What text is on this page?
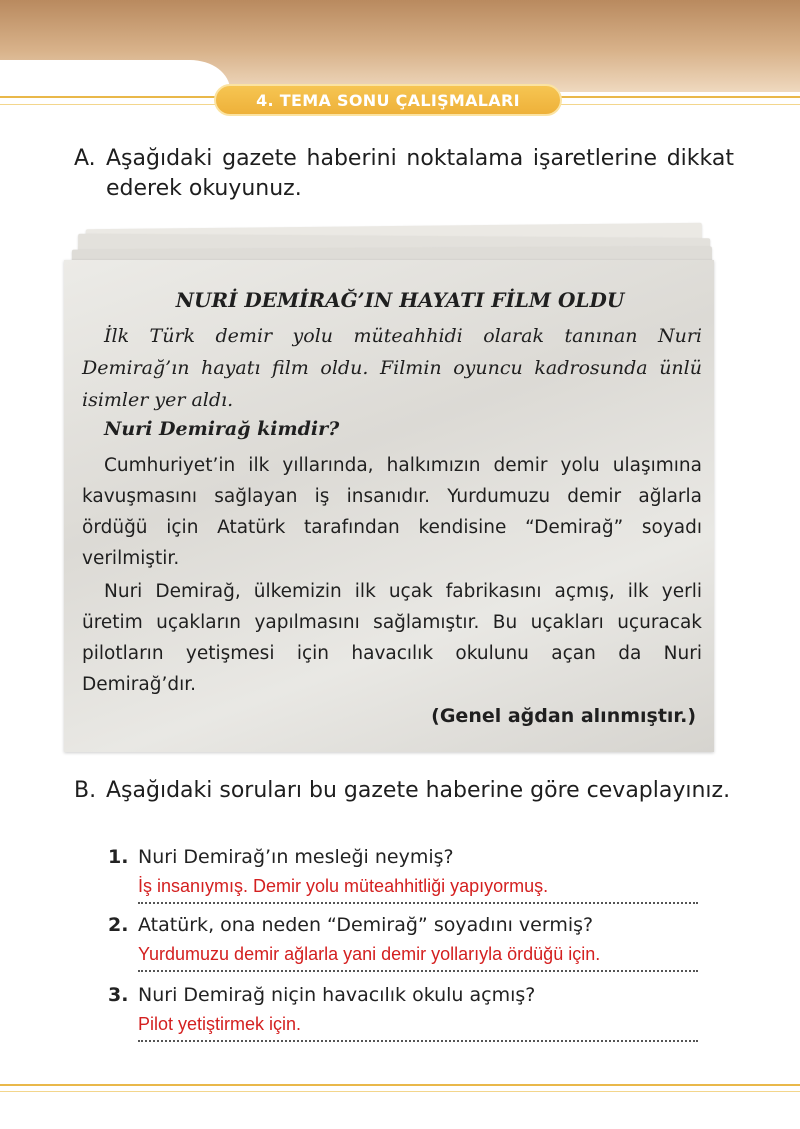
4. TEMA SONU ÇALIŞMALARI
A. Aşağıdaki gazete haberini noktalama işaretlerine dikkat ederek okuyunuz.
NURİ DEMİRAĞ’IN HAYATI FİLM OLDU

İlk Türk demir yolu müteahhidi olarak tanınan Nuri Demirağ’ın hayatı film oldu. Filmin oyuncu kadrosunda ünlü isimler yer aldı.

Nuri Demirağ kimdir?

Cumhuriyet’in ilk yıllarında, halkımızın demir yolu ulaşımına kavuşmasını sağlayan iş insanıdır. Yurdumuzu demir ağlarla ördüğü için Atatürk tarafından kendisine “Demirağ” soyadı verilmiştir.

Nuri Demirağ, ülkemizin ilk uçak fabrikasını açmış, ilk yerli üretim uçakların yapılmasını sağlamıştır. Bu uçakları uçuracak pilotların yetişmesi için havacılık okulunu açan da Nuri Demirağ’dır.

(Genel ağdan alınmıştır.)
B. Aşağıdaki soruları bu gazete haberine göre cevaplayınız.
1. Nuri Demirağ’ın mesleği neymiş?
İş insanıymış. Demir yolu müteahhitliği yapıyormuş.
2. Atatürk, ona neden “Demirağ” soyadını vermiş?
Yurdumuzu demir ağlarla yani demir yollarıyla ördüğü için.
3. Nuri Demirağ niçin havacılık okulu açmış?
Pilot yetiştirmek için.
